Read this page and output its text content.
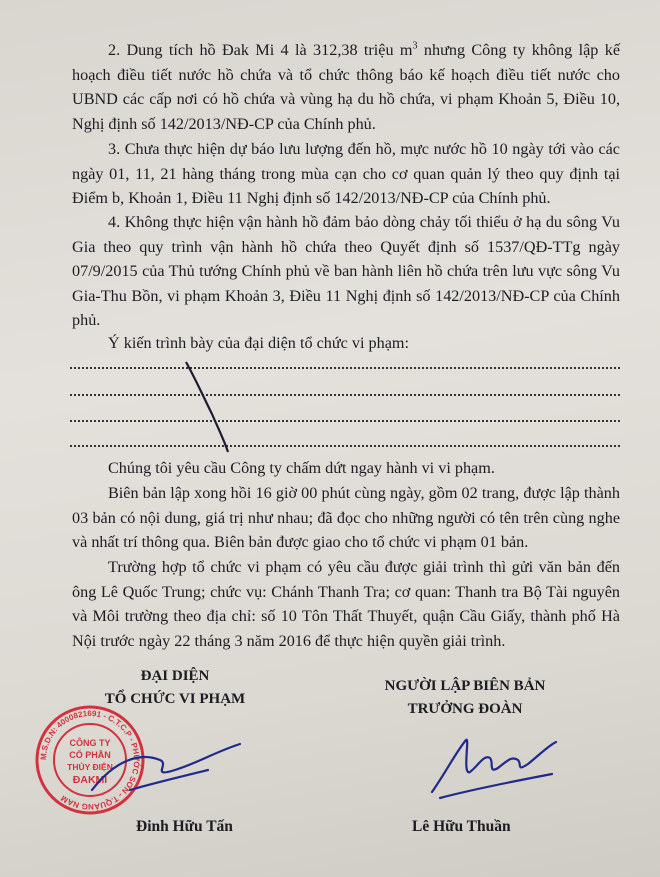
2. Dung tích hồ Đak Mi 4 là 312,38 triệu $m^3$ nhưng Công ty không lập kế hoạch điều tiết nước hồ chứa và tổ chức thông báo kế hoạch điều tiết nước cho UBND các cấp nơi có hồ chứa và vùng hạ du hồ chứa, vi phạm Khoản 5, Điều 10, Nghị định số 142/2013/NĐ-CP của Chính phủ.

3. Chưa thực hiện dự báo lưu lượng đến hồ, mực nước hồ 10 ngày tới vào các ngày 01, 11, 21 hàng tháng trong mùa cạn cho cơ quan quản lý theo quy định tại Điểm b, Khoản 1, Điều 11 Nghị định số 142/2013/NĐ-CP của Chính phủ.

4. Không thực hiện vận hành hồ đảm bảo dòng chảy tối thiểu ở hạ du sông Vu Gia theo quy trình vận hành hồ chứa theo Quyết định số 1537/QĐ-TTg ngày 07/9/2015 của Thủ tướng Chính phủ về ban hành liên hồ chứa trên lưu vực sông Vu Gia-Thu Bồn, vi phạm Khoản 3, Điều 11 Nghị định số 142/2013/NĐ-CP của Chính phủ.

Ý kiến trình bày của đại diện tổ chức vi phạm:

Chúng tôi yêu cầu Công ty chấm dứt ngay hành vi vi phạm.

Biên bản lập xong hồi 16 giờ 00 phút cùng ngày, gồm 02 trang, được lập thành 03 bản có nội dung, giá trị như nhau; đã đọc cho những người có tên trên cùng nghe và nhất trí thông qua. Biên bản được giao cho tổ chức vi phạm 01 bản.

Trường hợp tổ chức vi phạm có yêu cầu được giải trình thì gửi văn bản đến ông Lê Quốc Trung; chức vụ: Chánh Thanh Tra; cơ quan: Thanh tra Bộ Tài nguyên và Môi trường theo địa chỉ: số 10 Tôn Thất Thuyết, quận Cầu Giấy, thành phố Hà Nội trước ngày 22 tháng 3 năm 2016 để thực hiện quyền giải trình.

ĐẠI DIỆN
TỔ CHỨC VI PHẠM
NGƯỜI LẬP BIÊN BẢN
TRƯỞNG ĐOÀN
M.S.D.N: 4000821691 - C.T.C.P - PHƯỚC SƠN - T.QUẢNG NAM
CÔNG TY
CỔ PHẦN
THỦY ĐIỆN
ĐAKMI
Đinh Hữu Tấn	Lê Hữu Thuần
